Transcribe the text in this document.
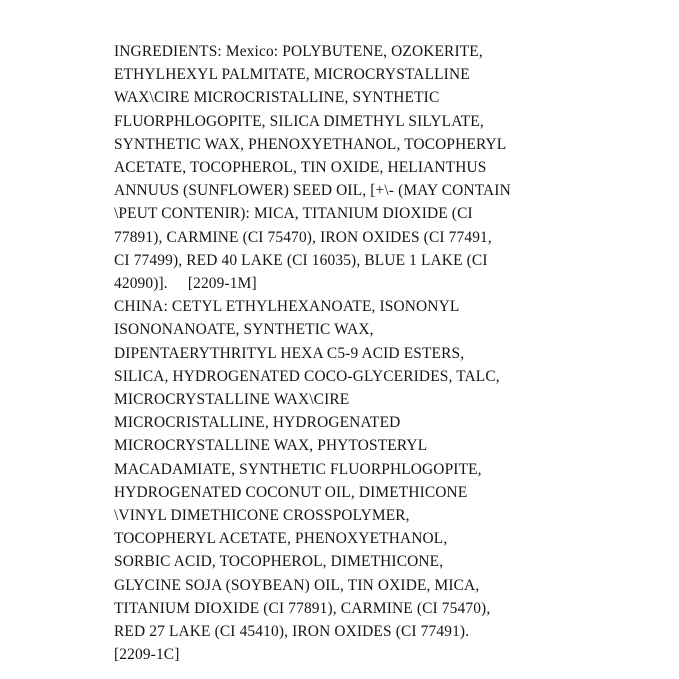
INGREDIENTS: Mexico: POLYBUTENE, OZOKERITE,
ETHYLHEXYL PALMITATE, MICROCRYSTALLINE
WAX\CIRE MICROCRISTALLINE, SYNTHETIC
FLUORPHLOGOPITE, SILICA DIMETHYL SILYLATE,
SYNTHETIC WAX, PHENOXYETHANOL, TOCOPHERYL
ACETATE, TOCOPHEROL, TIN OXIDE, HELIANTHUS
ANNUUS (SUNFLOWER) SEED OIL, [+\- (MAY CONTAIN
\PEUT CONTENIR): MICA, TITANIUM DIOXIDE (CI
77891), CARMINE (CI 75470), IRON OXIDES (CI 77491,
CI 77499), RED 40 LAKE (CI 16035), BLUE 1 LAKE (CI
42090)].     [2209-1M]
CHINA: CETYL ETHYLHEXANOATE, ISONONYL
ISONONANOATE, SYNTHETIC WAX,
DIPENTAERYTHRITYL HEXA C5-9 ACID ESTERS,
SILICA, HYDROGENATED COCO-GLYCERIDES, TALC,
MICROCRYSTALLINE WAX\CIRE
MICROCRISTALLINE, HYDROGENATED
MICROCRYSTALLINE WAX, PHYTOSTERYL
MACADAMIATE, SYNTHETIC FLUORPHLOGOPITE,
HYDROGENATED COCONUT OIL, DIMETHICONE
\VINYL DIMETHICONE CROSSPOLYMER,
TOCOPHERYL ACETATE, PHENOXYETHANOL,
SORBIC ACID, TOCOPHEROL, DIMETHICONE,
GLYCINE SOJA (SOYBEAN) OIL, TIN OXIDE, MICA,
TITANIUM DIOXIDE (CI 77891), CARMINE (CI 75470),
RED 27 LAKE (CI 45410), IRON OXIDES (CI 77491).
[2209-1C]
